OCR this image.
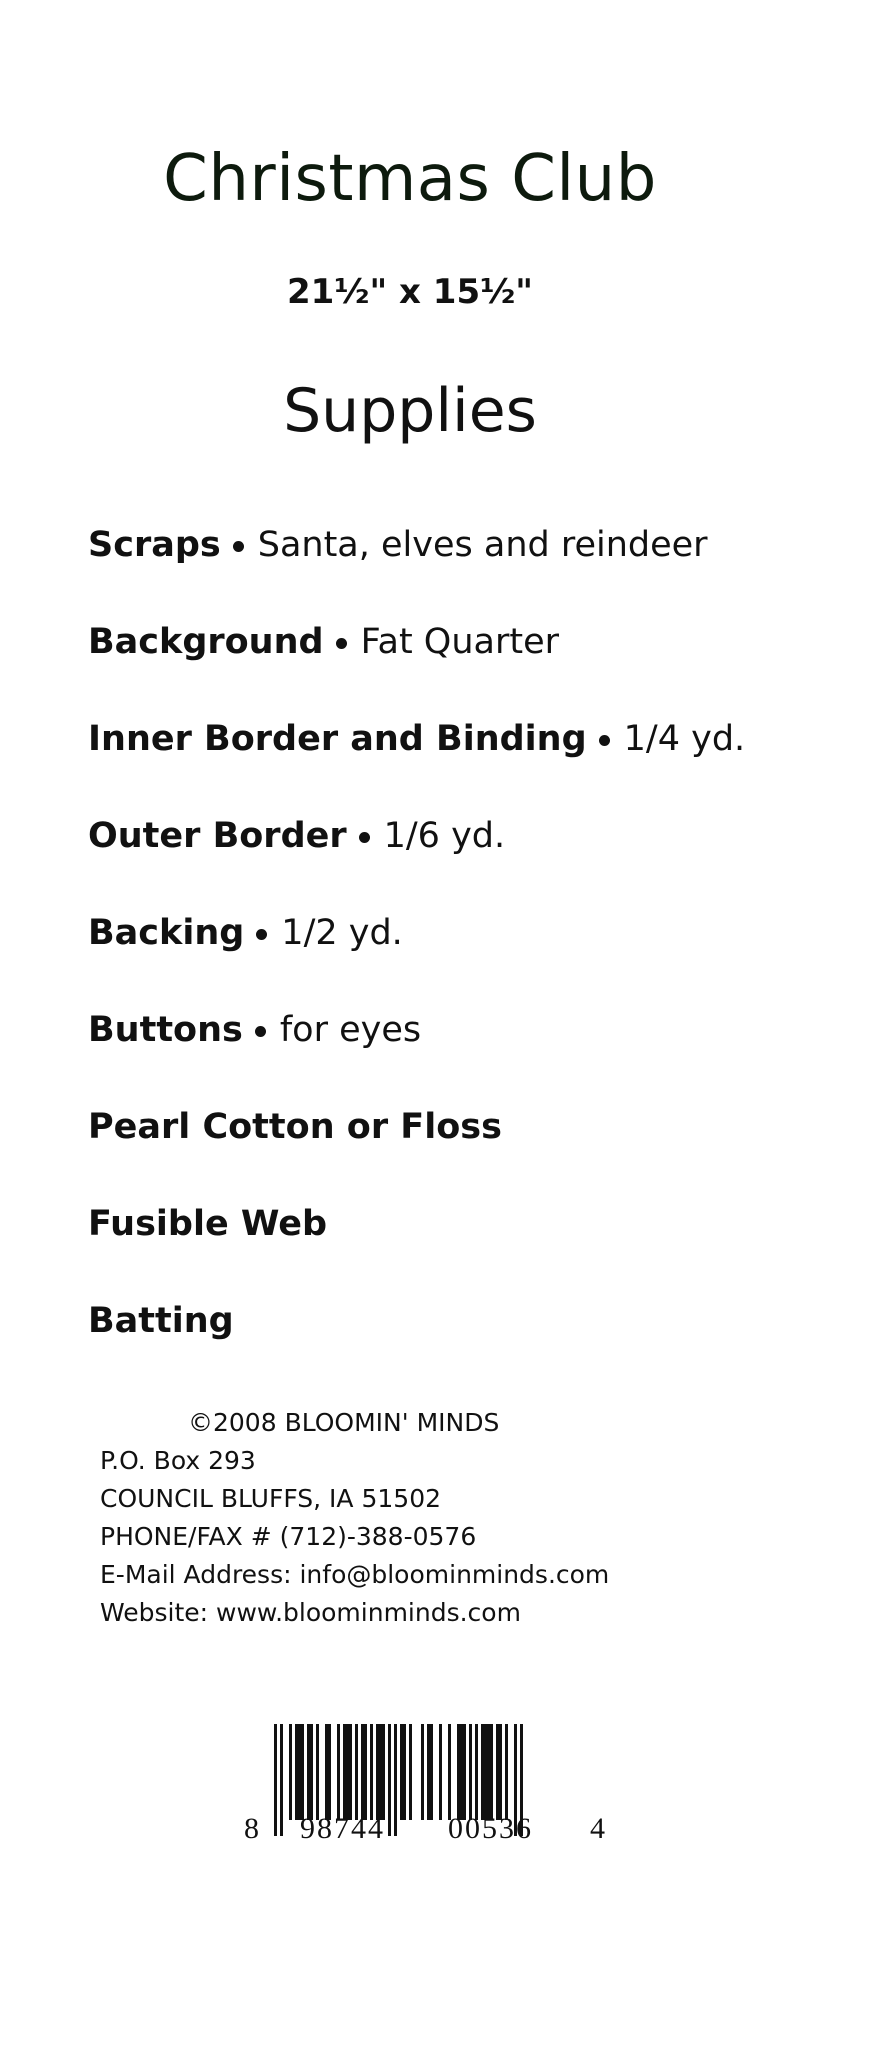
Christmas Club
21½" x 15½"
Supplies
Scraps Santa, elves and reindeer
Background Fat Quarter
Inner Border and Binding 1/4 yd.
Outer Border 1/6 yd.
Backing 1/2 yd.
Buttons for eyes
Pearl Cotton or Floss
Fusible Web
Batting
©2008 BLOOMIN' MINDS
P.O. Box 293
COUNCIL BLUFFS, IA 51502
PHONE/FAX # (712)-388-0576
E-Mail Address: info@bloominminds.com
Website: www.bloominminds.com
8 98744 00536 4
